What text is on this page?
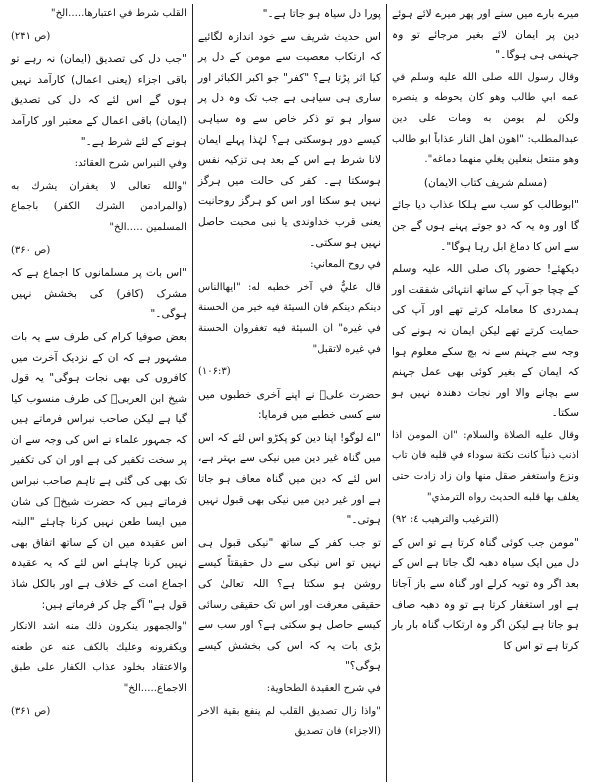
میرے بارے میں سنے اور پھر میرے لائے ہوئے دین پر ایمان لائے بغیر مرجائے تو وہ جہنمی ہی ہوگا۔"

وقال رسول الله صلى الله عليه وسلم في عمه ابي طالب وهو كان يحوطه و ينصره ولكن لم يومن به ومات على دين عبدالمطلب: "اهون اهل النار عذاباً ابو طالب وهو منتعل بنعلين يغلي منهما دماغه".

(مسلم شریف کتاب الایمان)

"ابوطالب کو سب سے ہلکا عذاب دیا جائے گا اور وہ یہ کہ دو جوتے پہنے ہوں گے جن سے اس کا دماغ ابل رہا ہوگا"۔

دیکھئے! حضور پاک صلی اللہ علیہ وسلم کے چچا جو آپ کے ساتھ انتہائی شفقت اور ہمدردی کا معاملہ کرتے تھے اور آپ کی حمایت کرتے تھے لیکن ایمان نہ ہونے کی وجہ سے جہنم سے نہ بچ سکے معلوم ہوا کہ ایمان کے بغیر کوئی بھی عمل جہنم سے بچانے والا اور نجات دھندہ نہیں ہو سکتا۔

وقال عليه الصلاة والسلام: "ان المومن اذا اذنب ذنباً كانت نكتة سوداء في قلبه فان تاب ونزع واستغفر صقل منها وان زاد زادت حتى يغلف بها قلبه الحديث رواه الترمذي"

(الترغيب والترهيب ٤: ٩٢)

"مومن جب کوئی گناہ کرتا ہے تو اس کے دل میں ایک سیاہ دھبہ لگ جاتا ہے اس کے بعد اگر وہ توبہ کرلے اور گناہ سے باز آجاتا ہے اور استغفار کرتا ہے تو وہ دھبہ صاف ہو جاتا ہے لیکن اگر وہ ارتکاب گناہ بار بار کرتا ہے تو اس کا

پورا دل سیاہ ہو جاتا ہے۔"

اس حدیث شریف سے خود اندازہ لگائیے کہ ارتکاب معصیت سے مومن کے دل پر کیا اثر پڑتا ہے؟ "کفر" جو اکبر الکبائر اور ساری ہی سیاہی ہے جب تک وہ دل پر سوار ہو تو ذکر خاص سے وہ سیاہی کیسے دور ہوسکتی ہے؟ لہٰذا پہلے ایمان لانا شرط ہے اس کے بعد ہی تزکیہ نفس ہوسکتا ہے۔ کفر کی حالت میں ہرگز نہیں ہو سکتا اور اس کو ہرگز روحانیت یعنی قرب خداوندی یا نبی محبت حاصل نہیں ہو سکتی۔

في روح المعاني:

قال عليٌّ في آخر خطبه له: "ايهاالناس دينكم دينكم فان السيئة فيه خير من الحسنة في غيره" ان السيئة فيه تغفروان الحسنة في غيره لاتقبل"

(۱۰۶:۳)

حضرت علیؓ نے اپنے آخری خطبوں میں سے کسی خطبے میں فرمایا:

"اے لوگو! اپنا دین کو پکڑو اس لئے کہ اس میں گناہ غیر دین میں نیکی سے بہتر ہے، اس لئے کہ دین میں گناہ معاف ہو جاتا ہے اور غیر دین میں نیکی بھی قبول نہیں ہوتی۔"

تو جب کفر کے ساتھ "نیکی قبول ہی نہیں تو اس نیکی سے دل حقیقتاً کیسے روشن ہو سکتا ہے؟ اللہ تعالیٰ کی حقیقی معرفت اور اس تک حقیقی رسائی کیسے حاصل ہو سکتی ہے؟ اور سب سے بڑی بات یہ کہ اس کی بخشش کیسے ہوگی؟"

في شرح العقيدة الطحاوية:

"واذا زال تصديق القلب لم ينفع بقية الاخر (الاجزاء) فان تصديق

القلب شرط في اعتبارها.....الخ"

(ص ۲۴۱)

"جب دل کی تصدیق (ایمان) نہ رہے تو باقی اجزاء (یعنی اعمال) کارآمد نہیں ہوں گے اس لئے کہ دل کی تصدیق (ایمان) باقی اعمال کے معتبر اور کارآمد ہونے کے لئے شرط ہے۔"

وفي النبراس شرح العقائد:

"والله تعالى لا يغفران يشرك به (والمرادمن الشرك الكفر) باجماع المسلمين .....الخ"

(ص ۳۶۰)

"اس بات پر مسلمانوں کا اجماع ہے کہ مشرک (کافر) کی بخشش نہیں ہوگی۔"

بعض صوفیا کرام کی طرف سے یہ بات مشہور ہے کہ ان کے نزدیک آخرت میں کافروں کی بھی نجات ہوگی" یہ قول شیخ ابن العربیؒ کی طرف منسوب کیا گیا ہے لیکن صاحب نبراس فرماتے ہیں کہ جمہور علماء نے اس کی وجہ سے ان پر سخت تکفیر کی ہے اور ان کی تکفیر تک بھی کی گئی ہے تاہم صاحب نبراس فرماتے ہیں کہ حضرت شیخؒ کی شان میں ایسا طعن نہیں کرنا چاہئے "البتہ اس عقیدہ میں ان کے ساتھ اتفاق بھی نہیں کرنا چاہئے اس لئے کہ یہ عقیدہ اجماع امت کے خلاف ہے اور بالکل شاذ قول ہے" آگے چل کر فرماتے ہیں:

"والجمهور ينكرون ذلك منه اشد الانكار ويكفرونه وعليك بالكف عنه عن طعنه والاعتقاد بخلود عذاب الكفار على طبق الاجماع.....الخ"

(ص ۳۶۱)
